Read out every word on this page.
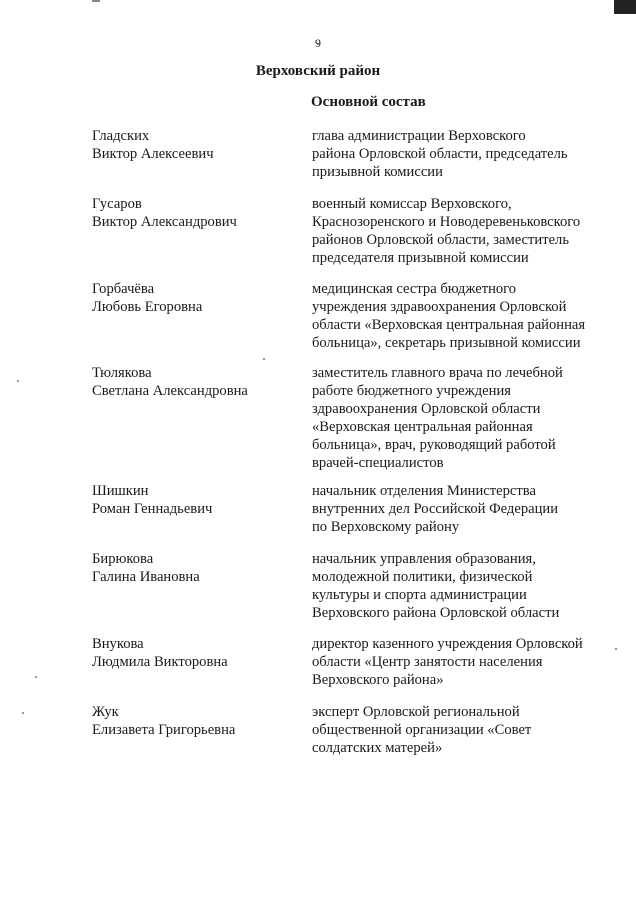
9
Верховский район
Основной состав
Гладских
Виктор Алексеевич
глава администрации Верховского
района Орловской области, председатель
призывной комиссии
Гусаров
Виктор Александрович
военный комиссар Верховского,
Краснозоренского и Новодеревеньковского
районов Орловской области, заместитель
председателя призывной комиссии
Горбачёва
Любовь Егоровна
медицинская сестра бюджетного
учреждения здравоохранения Орловской
области «Верховская центральная районная
больница», секретарь призывной комиссии
Тюлякова
Светлана Александровна
заместитель главного врача по лечебной
работе бюджетного учреждения
здравоохранения Орловской области
«Верховская центральная районная
больница», врач, руководящий работой
врачей-специалистов
Шишкин
Роман Геннадьевич
начальник отделения Министерства
внутренних дел Российской Федерации
по Верховскому району
Бирюкова
Галина Ивановна
начальник управления образования,
молодежной политики, физической
культуры и спорта администрации
Верховского района Орловской области
Внукова
Людмила Викторовна
директор казенного учреждения Орловской
области «Центр занятости населения
Верховского района»
Жук
Елизавета Григорьевна
эксперт Орловской региональной
общественной организации «Совет
солдатских матерей»
